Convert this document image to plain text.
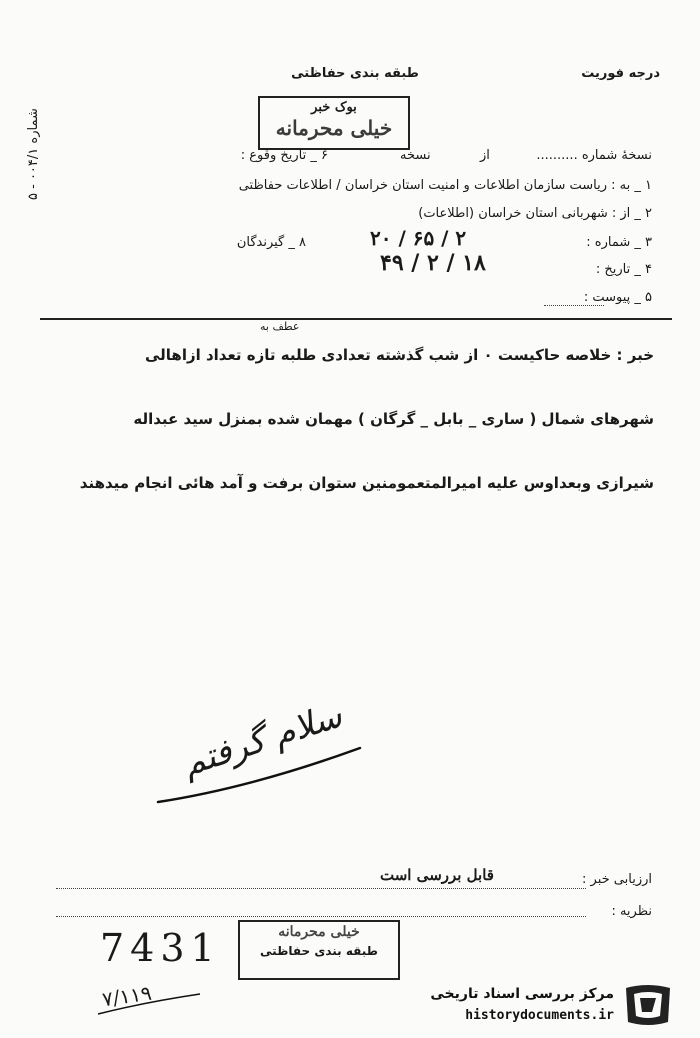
شماره ۰۰۴/۱ - ۵
درجه فوریت
طبقه بندی حفاظتی
بوک خبر
خیلی محرمانه
نسخهٔ شماره ..........
از
نسخه
۶ _ تاریخ وقوع :
۱ _ به : ریاست سازمان اطلاعات و امنیت استان خراسان / اطلاعات حفاظتی
۲ _ از : شهربانی استان خراسان (اطلاعات)
۳ _ شماره :
۲۰ / ۶۵ / ۲
۸ _ گیرندگان
۴ _ تاریخ :
۴۹ / ۲ / ۱۸
۵ _ پیوست :
عطف به
خبر : خلاصه حاکیست ۰ از شب گذشته تعدادی طلبه تازه تعداد ازاهالی
شهرهای شمال ( ساری _ بابل _ گرگان ) مهمان شده بمنزل سید عبداله
شیرازی وبعداوس علیه امیرالمتعمومنین ستوان برفت و آمد هائی انجام میدهند
سلام گرفتم
ارزیابی خبر :
قابل بررسی است
نظریه :
طبقه بندی حفاظتی
خیلی محرمانه
7431
۷/۱۱۹	مرکز بررسی اسناد تاریخی
historydocuments.ir
